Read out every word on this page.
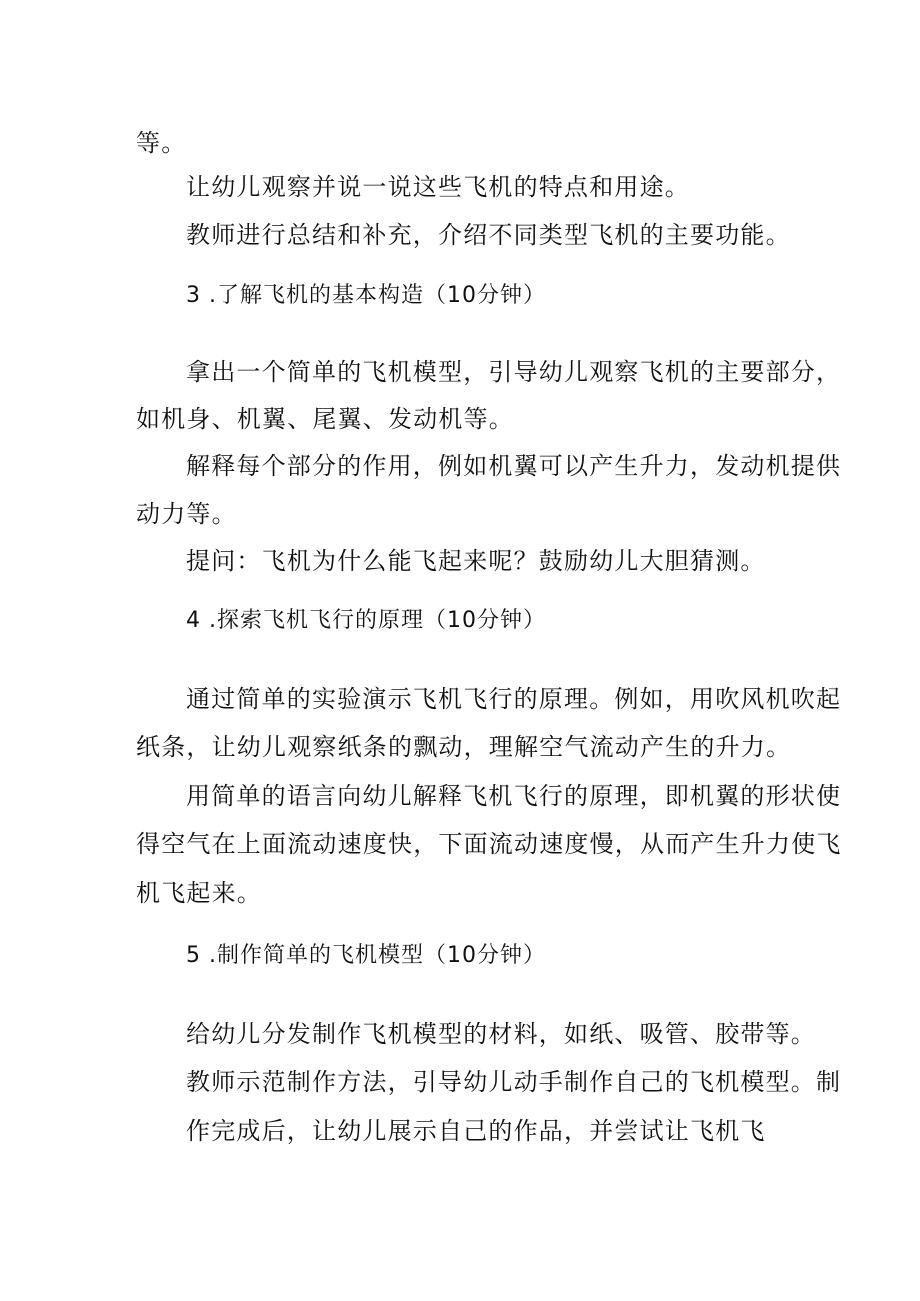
等。
让幼儿观察并说一说这些飞机的特点和用途。
教师进行总结和补充，介绍不同类型飞机的主要功能。
3 .了解飞机的基本构造（10分钟）
拿出一个简单的飞机模型，引导幼儿观察飞机的主要部分，
如机身、机翼、尾翼、发动机等。
解释每个部分的作用，例如机翼可以产生升力，发动机提供
动力等。
提问：飞机为什么能飞起来呢？鼓励幼儿大胆猜测。
4 .探索飞机飞行的原理（10分钟）
通过简单的实验演示飞机飞行的原理。例如，用吹风机吹起
纸条，让幼儿观察纸条的飘动，理解空气流动产生的升力。
用简单的语言向幼儿解释飞机飞行的原理，即机翼的形状使
得空气在上面流动速度快，下面流动速度慢，从而产生升力使飞
机飞起来。
5 .制作简单的飞机模型（10分钟）
给幼儿分发制作飞机模型的材料，如纸、吸管、胶带等。
教师示范制作方法，引导幼儿动手制作自己的飞机模型。制
作完成后，让幼儿展示自己的作品，并尝试让飞机飞
